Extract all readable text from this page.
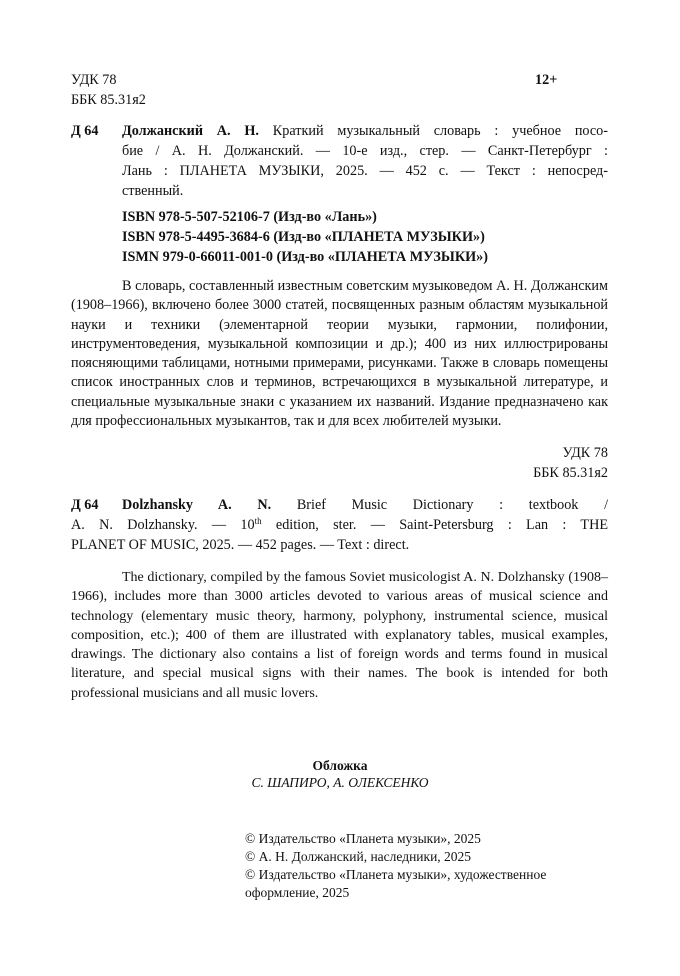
УДК 78
ББК 85.31я2
12+
Д 64 Должанский А. Н. Краткий музыкальный словарь : учебное посо-
бие / А. Н. Должанский. — 10-е изд., стер. — Санкт-Петербург :
Лань : ПЛАНЕТА МУЗЫКИ, 2025. — 452 с. — Текст : непосред-
ственный.
ISBN 978-5-507-52106-7 (Изд-во «Лань»)
ISBN 978-5-4495-3684-6 (Изд-во «ПЛАНЕТА МУЗЫКИ»)
ISMN 979-0-66011-001-0 (Изд-во «ПЛАНЕТА МУЗЫКИ»)
В словарь, составленный известным советским музыковедом А. Н. Должанским (1908–1966), включено более 3000 статей, посвященных разным областям музыкальной науки и техники (элементарной теории музыки, гармонии, полифонии, инструментоведения, музыкальной композиции и др.); 400 из них иллюстрированы поясняющими таблицами, нотными примерами, рисунками. Также в словарь помещены список иностранных слов и терминов, встречающихся в музыкальной литературе, и специальные музыкальные знаки с указанием их названий. Издание предназначено как для профессиональных музыкантов, так и для всех любителей музыки.
УДК 78
ББК 85.31я2
Д 64 Dolzhansky A. N. Brief Music Dictionary : textbook /
A. N. Dolzhansky. — 10th edition, ster. — Saint-Petersburg : Lan : THE
PLANET OF MUSIC, 2025. — 452 pages. — Text : direct.
The dictionary, compiled by the famous Soviet musicologist A. N. Dolzhansky (1908–1966), includes more than 3000 articles devoted to various areas of musical science and technology (elementary music theory, harmony, polyphony, instrumental science, musical composition, etc.); 400 of them are illustrated with explanatory tables, musical examples, drawings. The dictionary also contains a list of foreign words and terms found in musical literature, and special musical signs with their names. The book is intended for both professional musicians and all music lovers.
Обложка
С. ШАПИРО, А. ОЛЕКСЕНКО
© Издательство «Планета музыки», 2025
© А. Н. Должанский, наследники, 2025
© Издательство «Планета музыки», художественное
оформление, 2025
